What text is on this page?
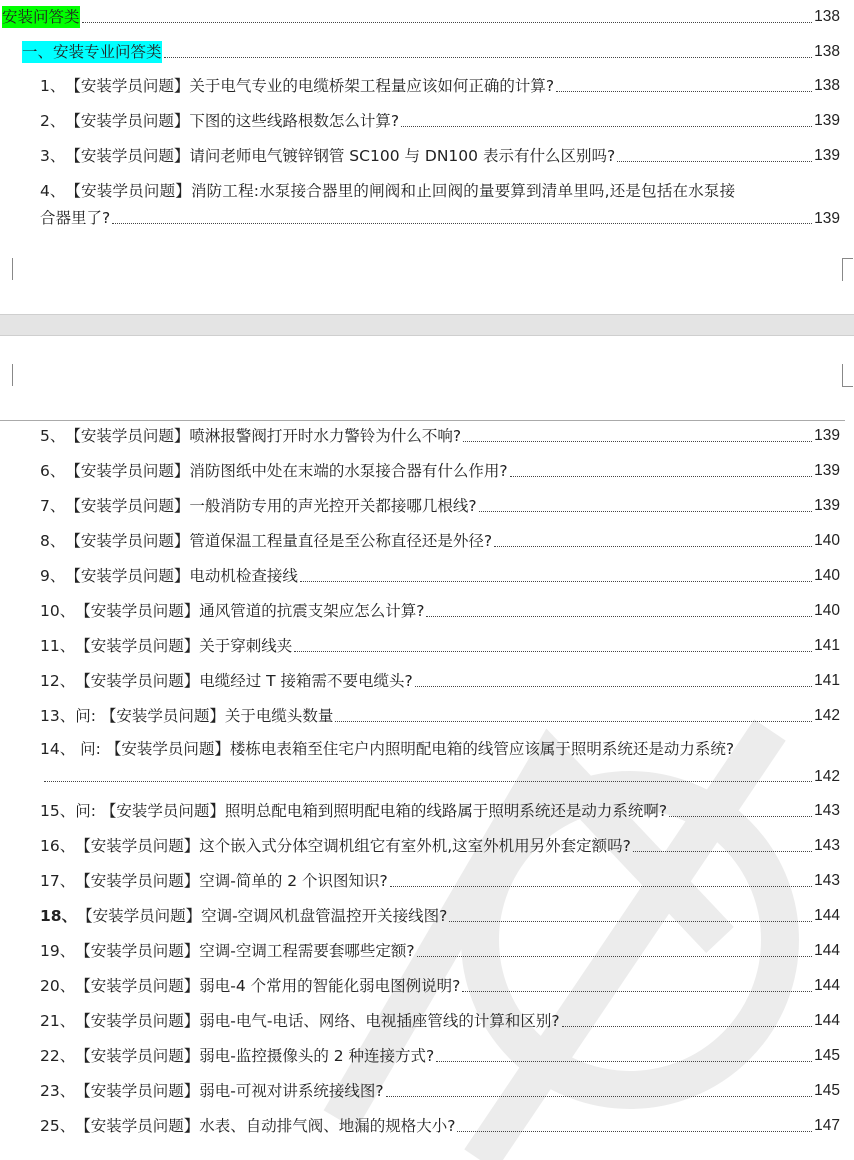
安装问答类	138
一、安装专业问答类	138
1、 【安装学员问题】关于电气专业的电缆桥架工程量应该如何正确的计算?	138
2、 【安装学员问题】下图的这些线路根数怎么计算?	139
3、 【安装学员问题】请问老师电气镀锌钢管 SC100 与 DN100 表示有什么区别吗?	139
4、 【安装学员问题】消防工程:水泵接合器里的闸阀和止回阀的量要算到清单里吗,还是包括在水泵接
合器里了?	139
5、 【安装学员问题】喷淋报警阀打开时水力警铃为什么不响?	139
6、 【安装学员问题】消防图纸中处在末端的水泵接合器有什么作用?	139
7、 【安装学员问题】一般消防专用的声光控开关都接哪几根线?	139
8、 【安装学员问题】管道保温工程量直径是至公称直径还是外径?	140
9、 【安装学员问题】电动机检查接线	140
10、 【安装学员问题】通风管道的抗震支架应怎么计算?	140
11、 【安装学员问题】关于穿刺线夹	141
12、 【安装学员问题】电缆经过 T 接箱需不要电缆头?	141
13、 问: 【安装学员问题】关于电缆头数量	142
14、 问: 【安装学员问题】楼栋电表箱至住宅户内照明配电箱的线管应该属于照明系统还是动力系统?
142
15、 问: 【安装学员问题】照明总配电箱到照明配电箱的线路属于照明系统还是动力系统啊?	143
16、 【安装学员问题】这个嵌入式分体空调机组它有室外机,这室外机用另外套定额吗?	143
17、 【安装学员问题】空调-简单的 2 个识图知识?	143
18、 【安装学员问题】空调-空调风机盘管温控开关接线图?	144
19、 【安装学员问题】空调-空调工程需要套哪些定额?	144
20、 【安装学员问题】弱电-4 个常用的智能化弱电图例说明?	144
21、 【安装学员问题】弱电-电气-电话、网络、电视插座管线的计算和区别?	144
22、 【安装学员问题】弱电-监控摄像头的 2 种连接方式?	145
23、 【安装学员问题】弱电-可视对讲系统接线图?	145
25、 【安装学员问题】水表、自动排气阀、地漏的规格大小?	147
